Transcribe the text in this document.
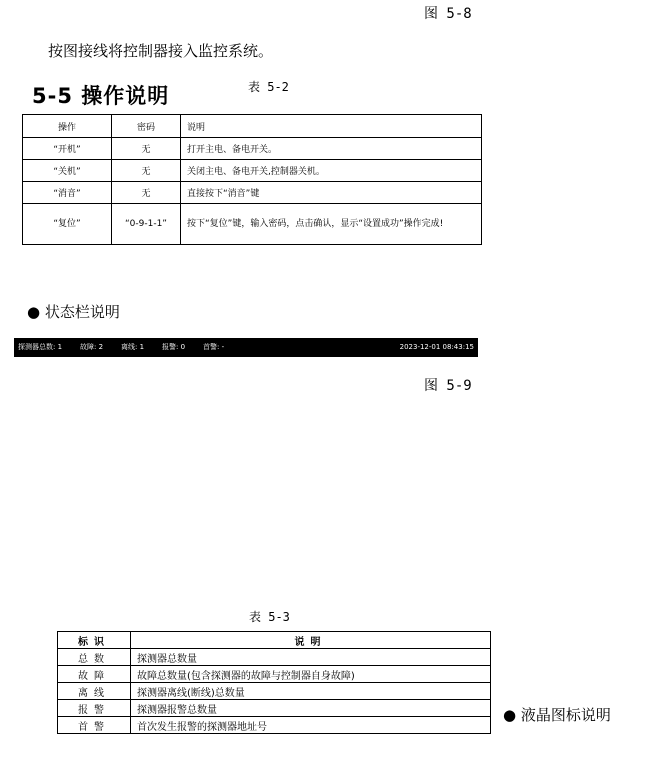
图 5-8
按图接线将控制器接入监控系统。
5-5 操作说明	表 5-2
操作	密码	说明
“开机”	无	打开主电、备电开关。
“关机”	无	关闭主电、备电开关,控制器关机。
“消音”	无	直接按下“消音”键
“复位”	“0-9-1-1”	按下“复位”键，输入密码，点击确认，显示“设置成功”操作完成!
● 状态栏说明
探测器总数: 1	故障: 2	离线: 1	报警: 0	首警: -	2023-12-01 08:43:15
图 5-9
表 5-3
标识	说明
总数	探测器总数量
故障	故障总数量(包含探测器的故障与控制器自身故障)
离线	探测器离线(断线)总数量
报警	探测器报警总数量
首警	首次发生报警的探测器地址号
● 液晶图标说明
